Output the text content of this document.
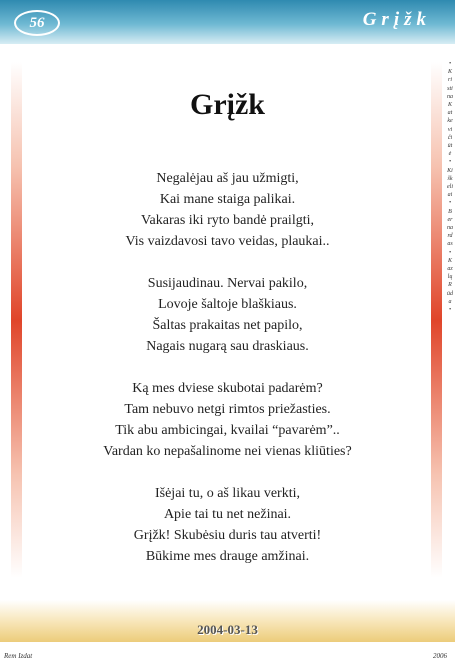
56	Grįžk
• Kristina Katkevičiūtė • Kiškeliai • Bernardas • Kazlų Rūda •
Grįžk
Negalėjau aš jau užmigti,
Kai mane staiga palikai.
Vakaras iki ryto bandė prailgti,
Vis vaizdavosi tavo veidas, plaukai..
Susijaudinau. Nervai pakilo,
Lovoje šaltoje blaškiaus.
Šaltas prakaitas net papilo,
Nagais nugarą sau draskiaus.
Ką mes dviese skubotai padarėm?
Tam nebuvo netgi rimtos priežasties.
Tik abu ambicingai, kvailai “pavarėm”..
Vardan ko nepašalinome nei vienas kliūties?
Išėjai tu, o aš likau verkti,
Apie tai tu net nežinai.
Grįžk! Skubėsiu duris tau atverti!
Būkime mes drauge amžinai.
2004-03-13
Rem Izdat	2006
